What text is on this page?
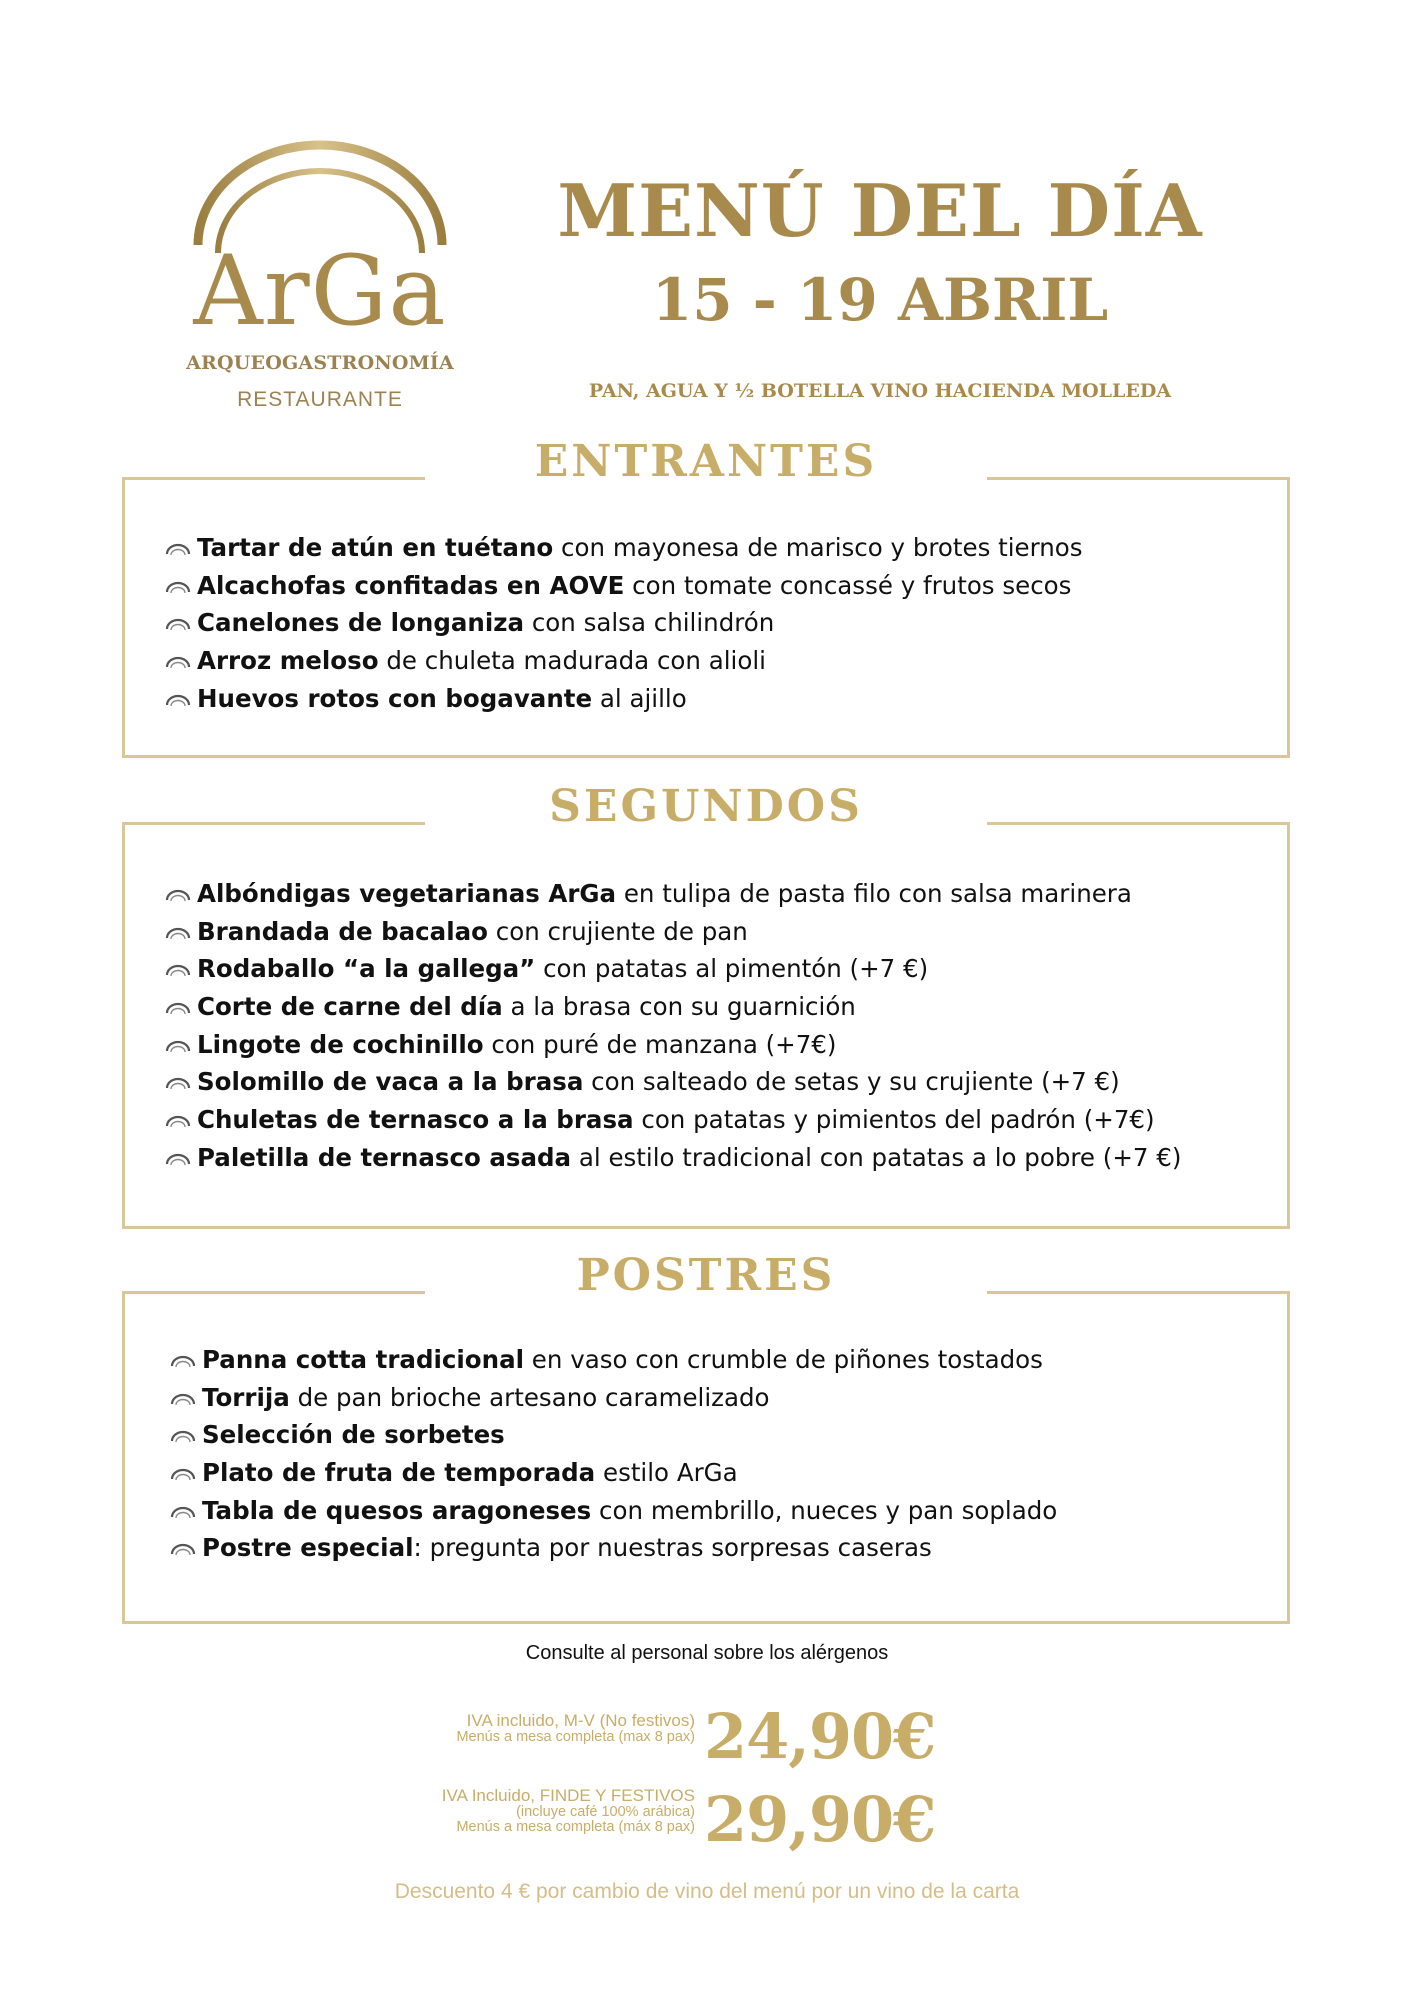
ArGa
ARQUEOGASTRONOMÍA
RESTAURANTE
MENÚ DEL DÍA
15 - 19 ABRIL
PAN, AGUA Y ½ BOTELLA VINO HACIENDA MOLLEDA
ENTRANTES
Tartar de atún en tuétano con mayonesa de marisco y brotes tiernos
Alcachofas confitadas en AOVE con tomate concassé y frutos secos
Canelones de longaniza con salsa chilindrón
Arroz meloso de chuleta madurada con alioli
Huevos rotos con bogavante al ajillo
SEGUNDOS
Albóndigas vegetarianas ArGa en tulipa de pasta filo con salsa marinera
Brandada de bacalao con crujiente de pan
Rodaballo “a la gallega” con patatas al pimentón (+7 €)
Corte de carne del día a la brasa con su guarnición
Lingote de cochinillo con puré de manzana (+7€)
Solomillo de vaca a la brasa con salteado de setas y su crujiente (+7 €)
Chuletas de ternasco a la brasa con patatas y pimientos del padrón (+7€)
Paletilla de ternasco asada al estilo tradicional con patatas a lo pobre (+7 €)
POSTRES
Panna cotta tradicional en vaso con crumble de piñones tostados
Torrija de pan brioche artesano caramelizado
Selección de sorbetes
Plato de fruta de temporada estilo ArGa
Tabla de quesos aragoneses con membrillo, nueces y pan soplado
Postre especial: pregunta por nuestras sorpresas caseras
Consulte al personal sobre los alérgenos
IVA incluido, M-V (No festivos)
Menús a mesa completa (max 8 pax) 24,90€
IVA Incluido, FINDE Y FESTIVOS
(incluye café 100% arábica)
Menús a mesa completa (máx 8 pax) 29,90€
Descuento 4 € por cambio de vino del menú por un vino de la carta
